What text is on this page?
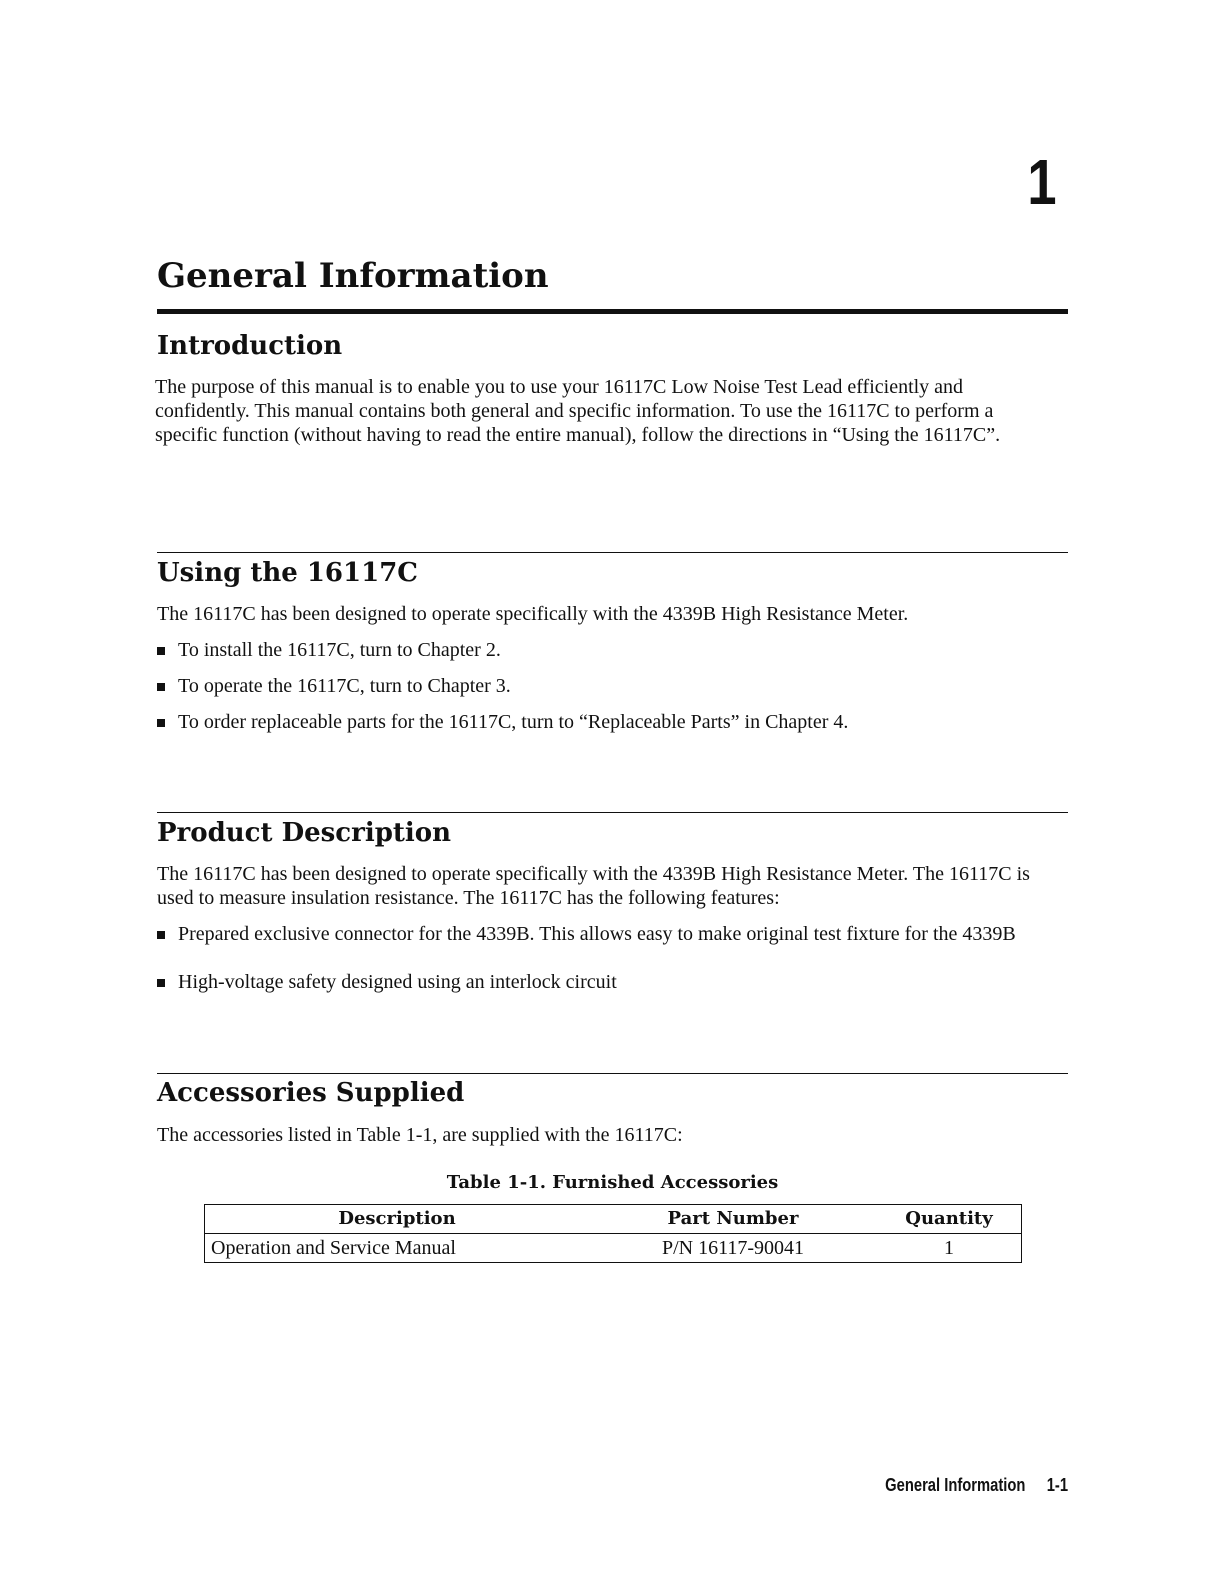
1
General Information
Introduction

The purpose of this manual is to enable you to use your 16117C Low Noise Test Lead efficiently and confidently. This manual contains both general and specific information. To use the 16117C to perform a specific function (without having to read the entire manual), follow the directions in “Using the 16117C”.

Using the 16117C

The 16117C has been designed to operate specifically with the 4339B High Resistance Meter.

To install the 16117C, turn to Chapter 2.
To operate the 16117C, turn to Chapter 3.
To order replaceable parts for the 16117C, turn to “Replaceable Parts” in Chapter 4.
Product Description

The 16117C has been designed to operate specifically with the 4339B High Resistance Meter. The 16117C is used to measure insulation resistance. The 16117C has the following features:

Prepared exclusive connector for the 4339B. This allows easy to make original test fixture for the 4339B
High-voltage safety designed using an interlock circuit
Accessories Supplied

The accessories listed in Table 1-1, are supplied with the 16117C:

Table 1-1. Furnished Accessories
Description	Part Number	Quantity
Operation and Service Manual	P/N 16117-90041	1
General Information 1-1
